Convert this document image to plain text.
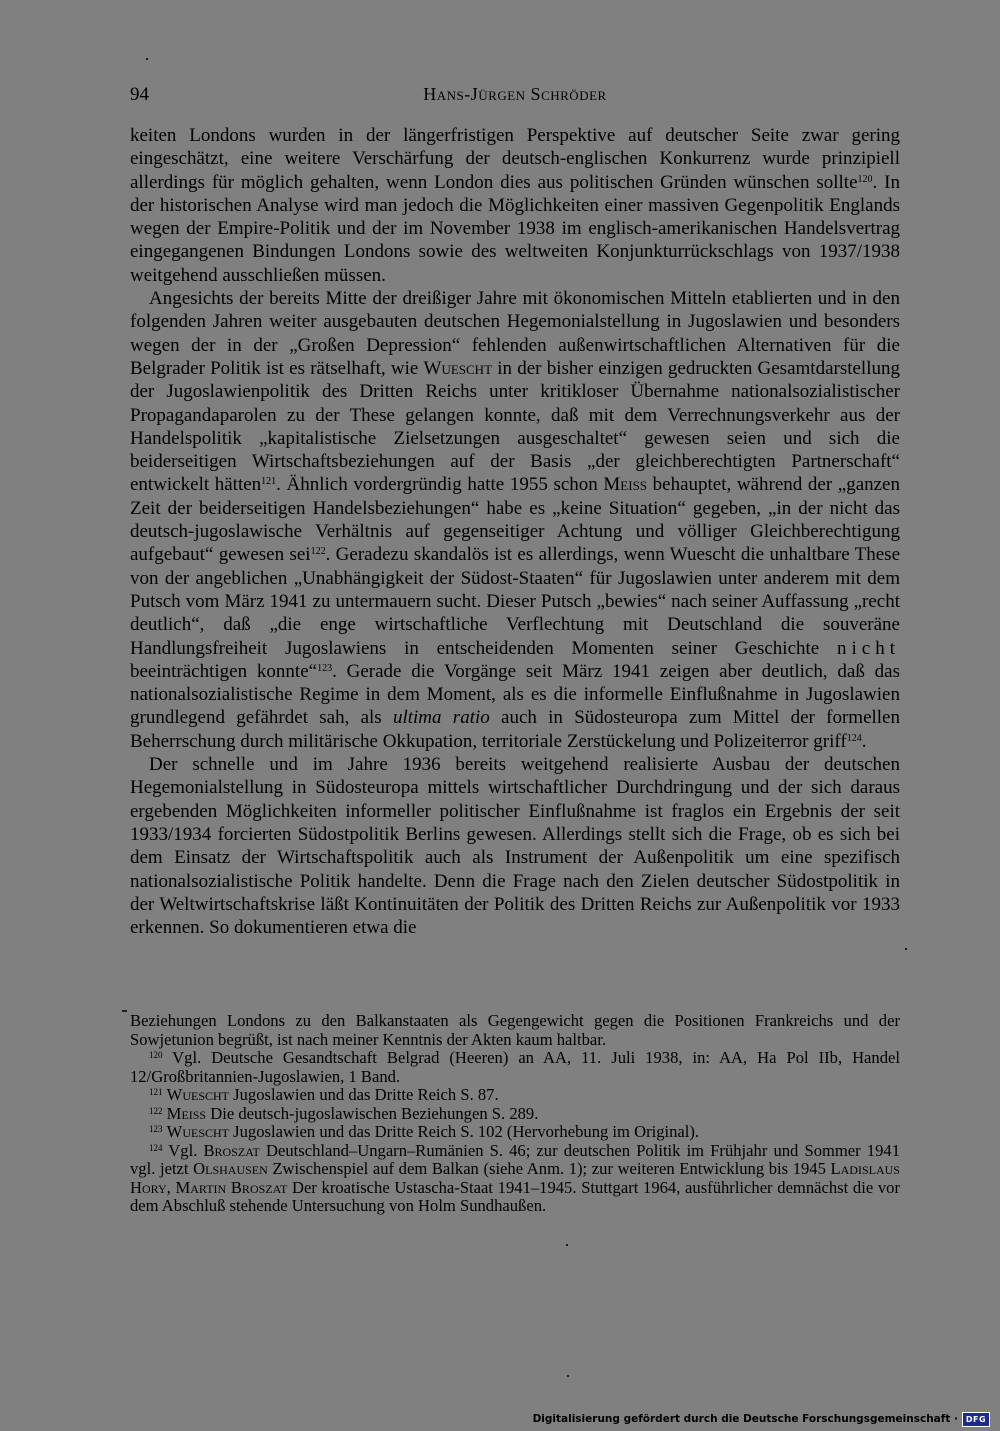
94	Hans-Jürgen Schröder

keiten Londons wurden in der längerfristigen Perspektive auf deutscher Seite zwar gering eingeschätzt, eine weitere Verschärfung der deutsch-englischen Konkurrenz wurde prinzipiell allerdings für möglich gehalten, wenn London dies aus politischen Gründen wünschen sollte$^{120}$. In der historischen Analyse wird man jedoch die Möglichkeiten einer massiven Gegenpolitik Englands wegen der Empire-Politik und der im November 1938 im englisch-amerikanischen Handelsvertrag eingegangenen Bindungen Londons sowie des weltweiten Konjunkturrückschlags von 1937/1938 weitgehend ausschließen müssen.

Angesichts der bereits Mitte der dreißiger Jahre mit ökonomischen Mitteln etablierten und in den folgenden Jahren weiter ausgebauten deutschen Hegemonialstellung in Jugoslawien und besonders wegen der in der „Großen Depression“ fehlenden außenwirtschaftlichen Alternativen für die Belgrader Politik ist es rätselhaft, wie Wuescht in der bisher einzigen gedruckten Gesamtdarstellung der Jugoslawienpolitik des Dritten Reichs unter kritikloser Übernahme nationalsozialistischer Propagandaparolen zu der These gelangen konnte, daß mit dem Verrechnungsverkehr aus der Handelspolitik „kapitalistische Zielsetzungen ausgeschaltet“ gewesen seien und sich die beiderseitigen Wirtschaftsbeziehungen auf der Basis „der gleichberechtigten Partnerschaft“ entwickelt hätten$^{121}$. Ähnlich vordergründig hatte 1955 schon Meiss behauptet, während der „ganzen Zeit der beiderseitigen Handelsbeziehungen“ habe es „keine Situation“ gegeben, „in der nicht das deutsch-jugoslawische Verhältnis auf gegenseitiger Achtung und völliger Gleichberechtigung aufgebaut“ gewesen sei$^{122}$. Geradezu skandalös ist es allerdings, wenn Wuescht die unhaltbare These von der angeblichen „Unabhängigkeit der Südost-Staaten“ für Jugoslawien unter anderem mit dem Putsch vom März 1941 zu untermauern sucht. Dieser Putsch „bewies“ nach seiner Auffassung „recht deutlich“, daß „die enge wirtschaftliche Verflechtung mit Deutschland die souveräne Handlungsfreiheit Jugoslawiens in entscheidenden Momenten seiner Geschichte nicht beeinträchtigen konnte“$^{123}$. Gerade die Vorgänge seit März 1941 zeigen aber deutlich, daß das nationalsozialistische Regime in dem Moment, als es die informelle Einflußnahme in Jugoslawien grundlegend gefährdet sah, als ultima ratio auch in Südosteuropa zum Mittel der formellen Beherrschung durch militärische Okkupation, territoriale Zerstückelung und Polizeiterror griff$^{124}$.

Der schnelle und im Jahre 1936 bereits weitgehend realisierte Ausbau der deutschen Hegemonialstellung in Südosteuropa mittels wirtschaftlicher Durchdringung und der sich daraus ergebenden Möglichkeiten informeller politischer Einflußnahme ist fraglos ein Ergebnis der seit 1933/1934 forcierten Südostpolitik Berlins gewesen. Allerdings stellt sich die Frage, ob es sich bei dem Einsatz der Wirtschaftspolitik auch als Instrument der Außenpolitik um eine spezifisch nationalsozialistische Politik handelte. Denn die Frage nach den Zielen deutscher Südostpolitik in der Weltwirtschaftskrise läßt Kontinuitäten der Politik des Dritten Reichs zur Außenpolitik vor 1933 erkennen. So dokumentieren etwa die

Beziehungen Londons zu den Balkanstaaten als Gegengewicht gegen die Positionen Frankreichs und der Sowjetunion begrüßt, ist nach meiner Kenntnis der Akten kaum haltbar.

$^{120}$ Vgl. Deutsche Gesandtschaft Belgrad (Heeren) an AA, 11. Juli 1938, in: AA, Ha Pol IIb, Handel 12/Großbritannien-Jugoslawien, 1 Band.

$^{121}$ Wuescht Jugoslawien und das Dritte Reich S. 87.

$^{122}$ Meiss Die deutsch-jugoslawischen Beziehungen S. 289.

$^{123}$ Wuescht Jugoslawien und das Dritte Reich S. 102 (Hervorhebung im Original).

$^{124}$ Vgl. Broszat Deutschland–Ungarn–Rumänien S. 46; zur deutschen Politik im Frühjahr und Sommer 1941 vgl. jetzt Olshausen Zwischenspiel auf dem Balkan (siehe Anm. 1); zur weiteren Entwicklung bis 1945 Ladislaus Hory, Martin Broszat Der kroatische Ustascha-Staat 1941–1945. Stuttgart 1964, ausführlicher demnächst die vor dem Abschluß stehende Untersuchung von Holm Sundhaußen.

Digitalisierung gefördert durch die Deutsche Forschungsgemeinschaft · DFG
